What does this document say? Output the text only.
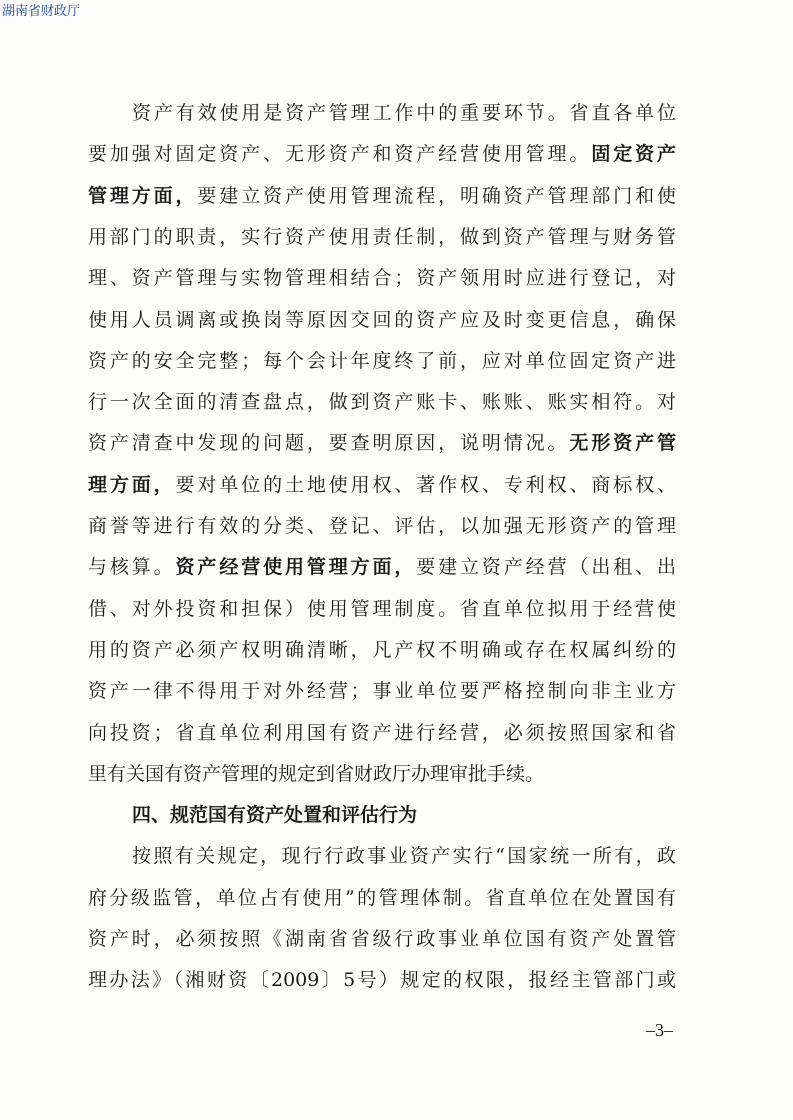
湖南省财政厅
资产有效使用是资产管理工作中的重要环节。省直各单位
要加强对固定资产、无形资产和资产经营使用管理。固定资产
管理方面，要建立资产使用管理流程，明确资产管理部门和使
用部门的职责，实行资产使用责任制，做到资产管理与财务管
理、资产管理与实物管理相结合；资产领用时应进行登记，对
使用人员调离或换岗等原因交回的资产应及时变更信息，确保
资产的安全完整；每个会计年度终了前，应对单位固定资产进
行一次全面的清查盘点，做到资产账卡、账账、账实相符。对
资产清查中发现的问题，要查明原因，说明情况。无形资产管
理方面，要对单位的土地使用权、著作权、专利权、商标权、
商誉等进行有效的分类、登记、评估，以加强无形资产的管理
与核算。资产经营使用管理方面，要建立资产经营（出租、出
借、对外投资和担保）使用管理制度。省直单位拟用于经营使
用的资产必须产权明确清晰，凡产权不明确或存在权属纠纷的
资产一律不得用于对外经营；事业单位要严格控制向非主业方
向投资；省直单位利用国有资产进行经营，必须按照国家和省
里有关国有资产管理的规定到省财政厅办理审批手续。
四、规范国有资产处置和评估行为
按照有关规定，现行行政事业资产实行“国家统一所有，政
府分级监管，单位占有使用”的管理体制。省直单位在处置国有
资产时，必须按照《湖南省省级行政事业单位国有资产处置管
理办法》（湘财资〔2009〕5号）规定的权限，报经主管部门或
–3–
